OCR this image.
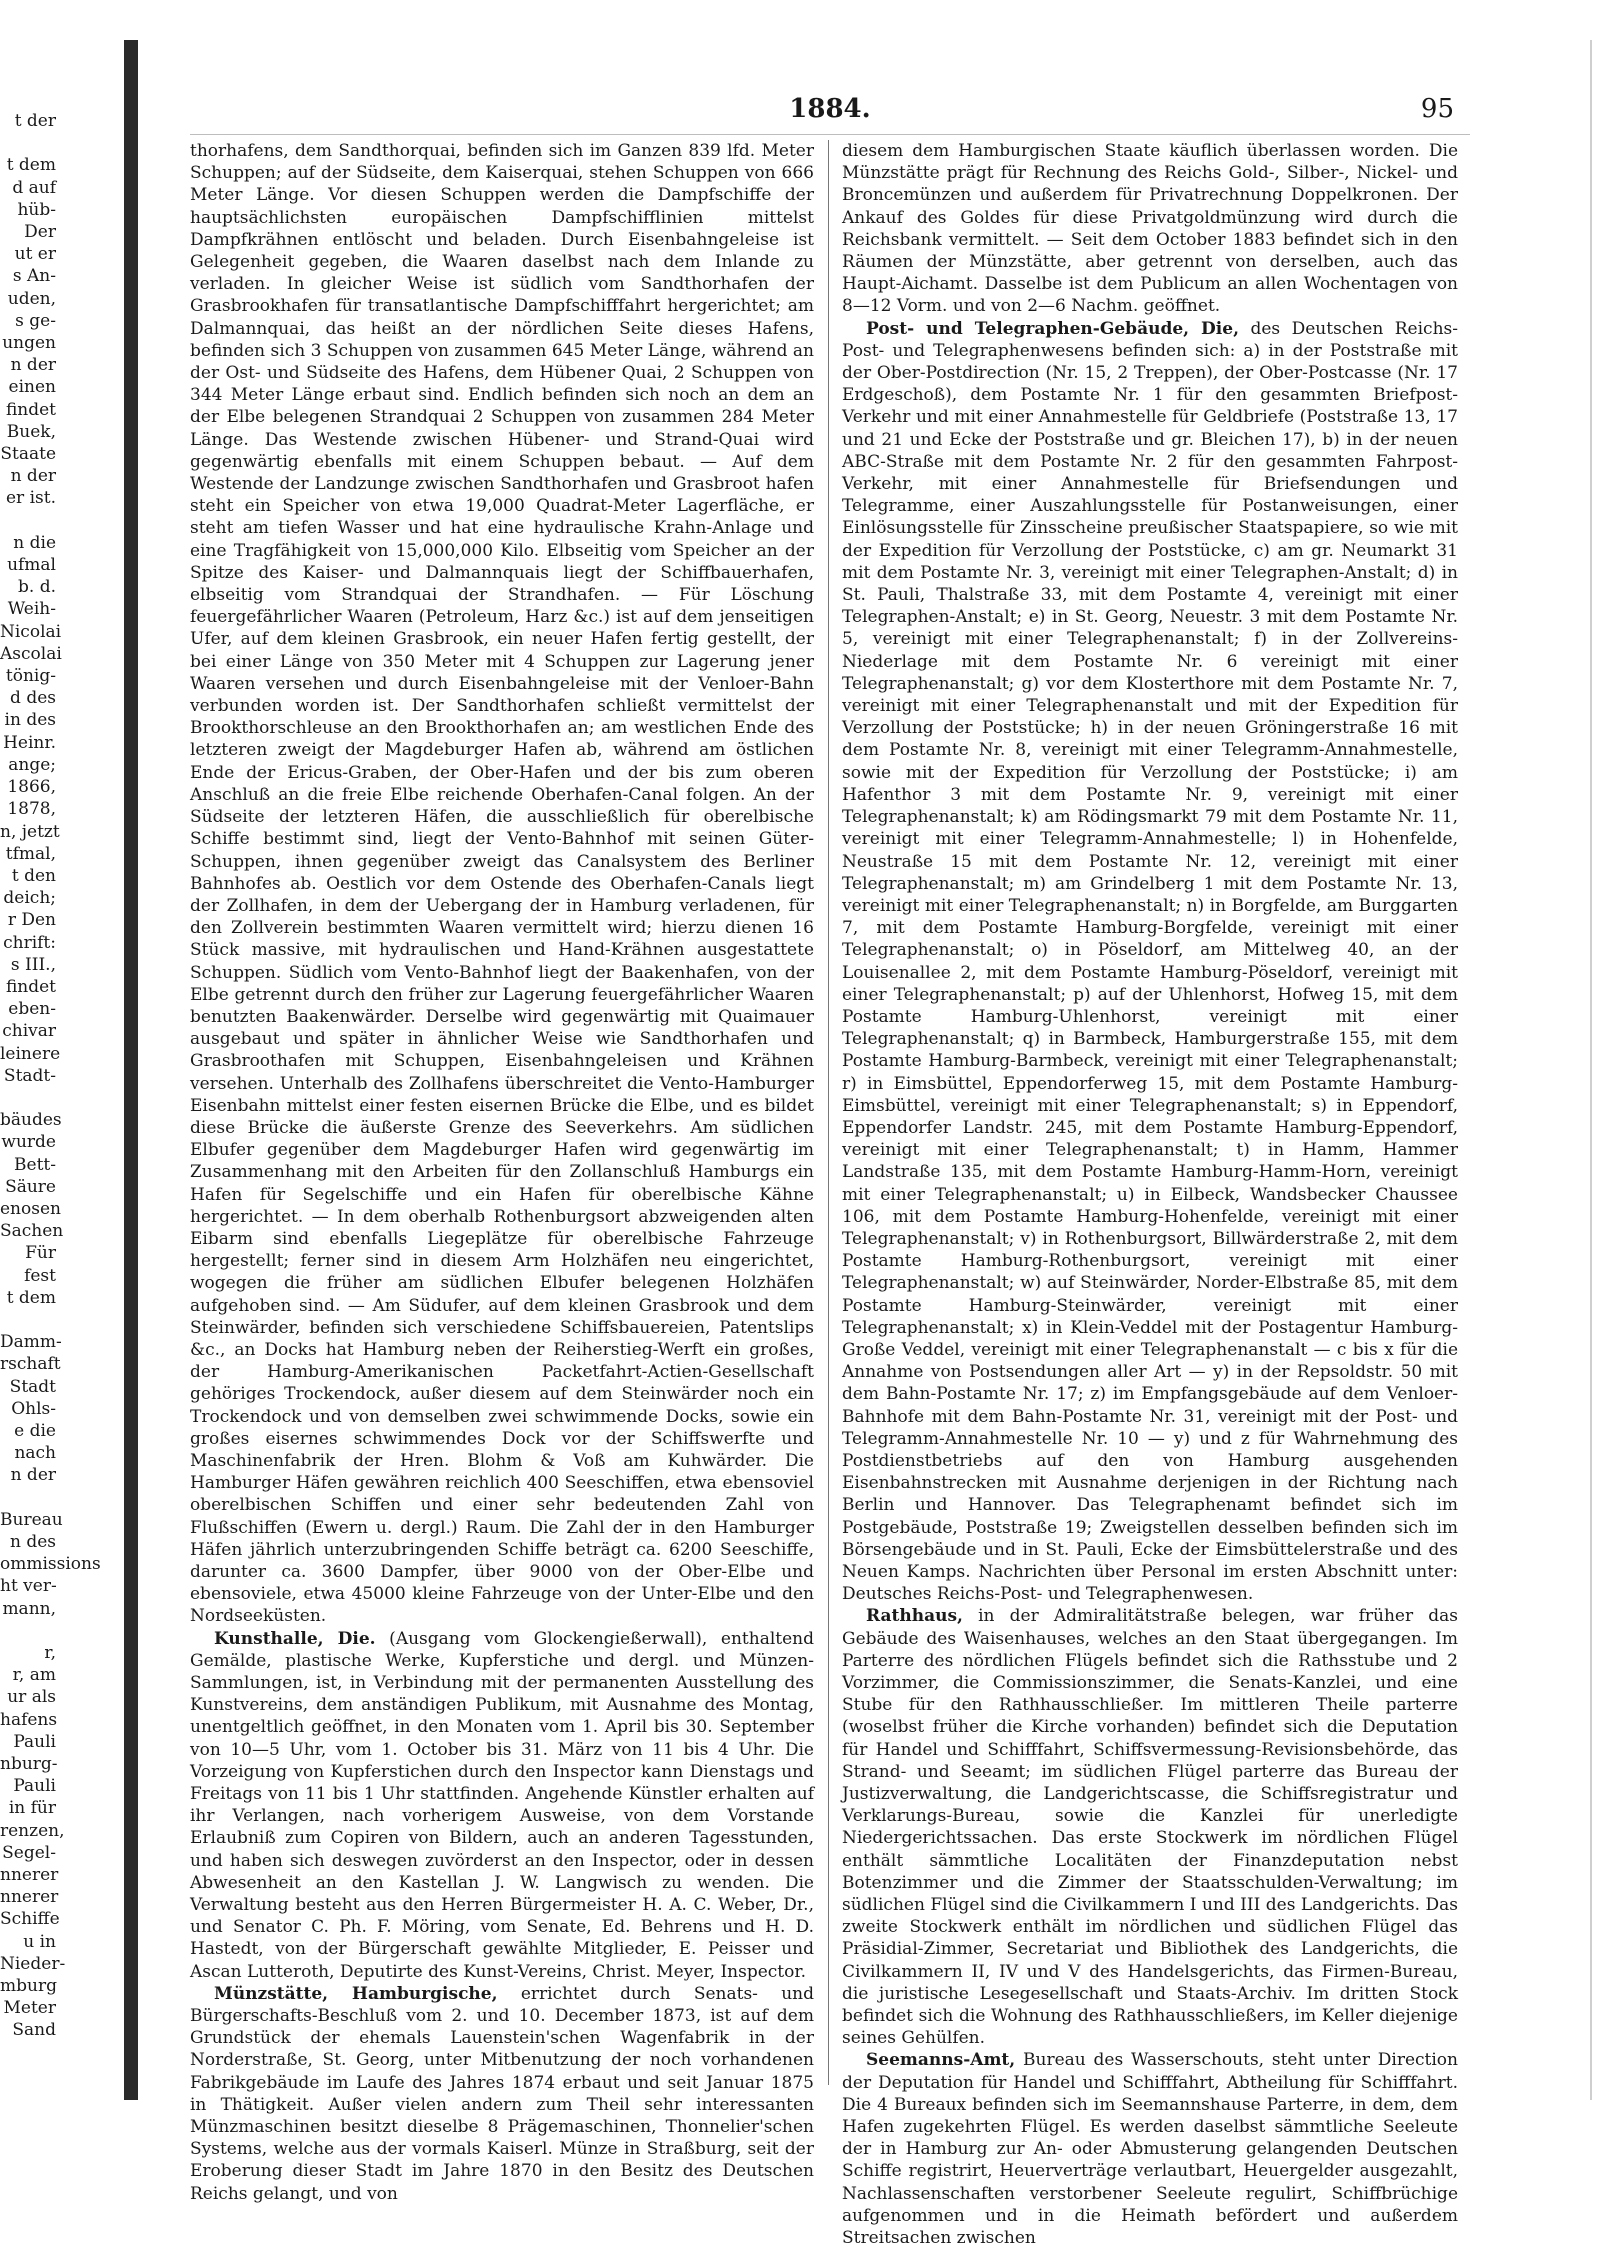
t der

t dem
d auf
hüb-
Der
ut er
s An-
uden,
s ge-
ungen
n der
einen
findet
Buek,
Staate
n der
er ist.

n die
ufmal
b. d.
Weih-
Nicolai
Ascolai
tönig-
d des
in des
Heinr.
ange;
1866,
1878,
n, jetzt
tfmal,
t den
deich;
r Den
chrift:
s III.,
findet
eben-
chivar
leinere
Stadt-

bäudes
wurde
Bett-
Säure
enosen
Sachen
Für
fest
t dem

Damm-
rschaft
Stadt
Ohls-
e die
nach
n der

Bureau
n des
ommissions
ht ver-
mann,

r,
r, am
ur als
hafens
Pauli
nburg-
Pauli
in für
renzen,
Segel-
nnerer
nnerer
Schiffe
u in
Nieder-
mburg
Meter
Sand
1884.	95

thorhafens, dem Sandthorquai, befinden sich im Ganzen 839 lfd. Meter Schuppen; auf der Südseite, dem Kaiserquai, stehen Schuppen von 666 Meter Länge. Vor diesen Schuppen werden die Dampfschiffe der hauptsächlichsten europäischen Dampfschifflinien mittelst Dampfkrähnen entlöscht und beladen. Durch Eisenbahngeleise ist Gelegenheit gegeben, die Waaren daselbst nach dem Inlande zu verladen. In gleicher Weise ist südlich vom Sandthorhafen der Grasbrookhafen für transatlantische Dampfschifffahrt hergerichtet; am Dalmannquai, das heißt an der nördlichen Seite dieses Hafens, befinden sich 3 Schuppen von zusammen 645 Meter Länge, während an der Ost- und Südseite des Hafens, dem Hübener Quai, 2 Schuppen von 344 Meter Länge erbaut sind. Endlich befinden sich noch an dem an der Elbe belegenen Strandquai 2 Schuppen von zusammen 284 Meter Länge. Das Westende zwischen Hübener- und Strand-Quai wird gegenwärtig ebenfalls mit einem Schuppen bebaut. — Auf dem Westende der Landzunge zwischen Sandthorhafen und Grasbroot hafen steht ein Speicher von etwa 19,000 Quadrat-Meter Lagerfläche, er steht am tiefen Wasser und hat eine hydraulische Krahn-Anlage und eine Tragfähigkeit von 15,000,000 Kilo. Elbseitig vom Speicher an der Spitze des Kaiser- und Dalmannquais liegt der Schiffbauerhafen, elbseitig vom Strandquai der Strandhafen. — Für Löschung feuergefährlicher Waaren (Petroleum, Harz &c.) ist auf dem jenseitigen Ufer, auf dem kleinen Grasbrook, ein neuer Hafen fertig gestellt, der bei einer Länge von 350 Meter mit 4 Schuppen zur Lagerung jener Waaren versehen und durch Eisenbahngeleise mit der Venloer-Bahn verbunden worden ist. Der Sandthorhafen schließt vermittelst der Brookthorschleuse an den Brookthorhafen an; am westlichen Ende des letzteren zweigt der Magdeburger Hafen ab, während am östlichen Ende der Ericus-Graben, der Ober-Hafen und der bis zum oberen Anschluß an die freie Elbe reichende Oberhafen-Canal folgen. An der Südseite der letzteren Häfen, die ausschließlich für oberelbische Schiffe bestimmt sind, liegt der Vento-Bahnhof mit seinen Güter-Schuppen, ihnen gegenüber zweigt das Canalsystem des Berliner Bahnhofes ab. Oestlich vor dem Ostende des Oberhafen-Canals liegt der Zollhafen, in dem der Uebergang der in Hamburg verladenen, für den Zollverein bestimmten Waaren vermittelt wird; hierzu dienen 16 Stück massive, mit hydraulischen und Hand-Krähnen ausgestattete Schuppen. Südlich vom Vento-Bahnhof liegt der Baakenhafen, von der Elbe getrennt durch den früher zur Lagerung feuergefährlicher Waaren benutzten Baakenwärder. Derselbe wird gegenwärtig mit Quaimauer ausgebaut und später in ähnlicher Weise wie Sandthorhafen und Grasbroothafen mit Schuppen, Eisenbahngeleisen und Krähnen versehen. Unterhalb des Zollhafens überschreitet die Vento-Hamburger Eisenbahn mittelst einer festen eisernen Brücke die Elbe, und es bildet diese Brücke die äußerste Grenze des Seeverkehrs. Am südlichen Elbufer gegenüber dem Magdeburger Hafen wird gegenwärtig im Zusammenhang mit den Arbeiten für den Zollanschluß Hamburgs ein Hafen für Segelschiffe und ein Hafen für oberelbische Kähne hergerichtet. — In dem oberhalb Rothenburgsort abzweigenden alten Eibarm sind ebenfalls Liegeplätze für oberelbische Fahrzeuge hergestellt; ferner sind in diesem Arm Holzhäfen neu eingerichtet, wogegen die früher am südlichen Elbufer belegenen Holzhäfen aufgehoben sind. — Am Südufer, auf dem kleinen Grasbrook und dem Steinwärder, befinden sich verschiedene Schiffsbauereien, Patentslips &c., an Docks hat Hamburg neben der Reiherstieg-Werft ein großes, der Hamburg-Amerikanischen Packetfahrt-Actien-Gesellschaft gehöriges Trockendock, außer diesem auf dem Steinwärder noch ein Trockendock und von demselben zwei schwimmende Docks, sowie ein großes eisernes schwimmendes Dock vor der Schiffswerfte und Maschinenfabrik der Hren. Blohm & Voß am Kuhwärder. Die Hamburger Häfen gewähren reichlich 400 Seeschiffen, etwa ebensoviel oberelbischen Schiffen und einer sehr bedeutenden Zahl von Flußschiffen (Ewern u. dergl.) Raum. Die Zahl der in den Hamburger Häfen jährlich unterzubringenden Schiffe beträgt ca. 6200 Seeschiffe, darunter ca. 3600 Dampfer, über 9000 von der Ober-Elbe und ebensoviele, etwa 45000 kleine Fahrzeuge von der Unter-Elbe und den Nordseeküsten.

Kunsthalle, Die. (Ausgang vom Glockengießerwall), enthaltend Gemälde, plastische Werke, Kupferstiche und dergl. und Münzen-Sammlungen, ist, in Verbindung mit der permanenten Ausstellung des Kunstvereins, dem anständigen Publikum, mit Ausnahme des Montag, unentgeltlich geöffnet, in den Monaten vom 1. April bis 30. September von 10—5 Uhr, vom 1. October bis 31. März von 11 bis 4 Uhr. Die Vorzeigung von Kupferstichen durch den Inspector kann Dienstags und Freitags von 11 bis 1 Uhr stattfinden. Angehende Künstler erhalten auf ihr Verlangen, nach vorherigem Ausweise, von dem Vorstande Erlaubniß zum Copiren von Bildern, auch an anderen Tagesstunden, und haben sich deswegen zuvörderst an den Inspector, oder in dessen Abwesenheit an den Kastellan J. W. Langwisch zu wenden. Die Verwaltung besteht aus den Herren Bürgermeister H. A. C. Weber, Dr., und Senator C. Ph. F. Möring, vom Senate, Ed. Behrens und H. D. Hastedt, von der Bürgerschaft gewählte Mitglieder, E. Peisser und Ascan Lutteroth, Deputirte des Kunst-Vereins, Christ. Meyer, Inspector.

Münzstätte, Hamburgische, errichtet durch Senats- und Bürgerschafts-Beschluß vom 2. und 10. December 1873, ist auf dem Grundstück der ehemals Lauenstein'schen Wagenfabrik in der Norderstraße, St. Georg, unter Mitbenutzung der noch vorhandenen Fabrikgebäude im Laufe des Jahres 1874 erbaut und seit Januar 1875 in Thätigkeit. Außer vielen andern zum Theil sehr interessanten Münzmaschinen besitzt dieselbe 8 Prägemaschinen, Thonnelier'schen Systems, welche aus der vormals Kaiserl. Münze in Straßburg, seit der Eroberung dieser Stadt im Jahre 1870 in den Besitz des Deutschen Reichs gelangt, und von

diesem dem Hamburgischen Staate käuflich überlassen worden. Die Münzstätte prägt für Rechnung des Reichs Gold-, Silber-, Nickel- und Broncemünzen und außerdem für Privatrechnung Doppelkronen. Der Ankauf des Goldes für diese Privatgoldmünzung wird durch die Reichsbank vermittelt. — Seit dem October 1883 befindet sich in den Räumen der Münzstätte, aber getrennt von derselben, auch das Haupt-Aichamt. Dasselbe ist dem Publicum an allen Wochentagen von 8—12 Vorm. und von 2—6 Nachm. geöffnet.

Post- und Telegraphen-Gebäude, Die, des Deutschen Reichs-Post- und Telegraphenwesens befinden sich: a) in der Poststraße mit der Ober-Postdirection (Nr. 15, 2 Treppen), der Ober-Postcasse (Nr. 17 Erdgeschoß), dem Postamte Nr. 1 für den gesammten Briefpost-Verkehr und mit einer Annahmestelle für Geldbriefe (Poststraße 13, 17 und 21 und Ecke der Poststraße und gr. Bleichen 17), b) in der neuen ABC-Straße mit dem Postamte Nr. 2 für den gesammten Fahrpost-Verkehr, mit einer Annahmestelle für Briefsendungen und Telegramme, einer Auszahlungsstelle für Postanweisungen, einer Einlösungsstelle für Zinsscheine preußischer Staatspapiere, so wie mit der Expedition für Verzollung der Poststücke, c) am gr. Neumarkt 31 mit dem Postamte Nr. 3, vereinigt mit einer Telegraphen-Anstalt; d) in St. Pauli, Thalstraße 33, mit dem Postamte 4, vereinigt mit einer Telegraphen-Anstalt; e) in St. Georg, Neuestr. 3 mit dem Postamte Nr. 5, vereinigt mit einer Telegraphenanstalt; f) in der Zollvereins-Niederlage mit dem Postamte Nr. 6 vereinigt mit einer Telegraphenanstalt; g) vor dem Klosterthore mit dem Postamte Nr. 7, vereinigt mit einer Telegraphenanstalt und mit der Expedition für Verzollung der Poststücke; h) in der neuen Gröningerstraße 16 mit dem Postamte Nr. 8, vereinigt mit einer Telegramm-Annahmestelle, sowie mit der Expedition für Verzollung der Poststücke; i) am Hafenthor 3 mit dem Postamte Nr. 9, vereinigt mit einer Telegraphenanstalt; k) am Rödingsmarkt 79 mit dem Postamte Nr. 11, vereinigt mit einer Telegramm-Annahmestelle; l) in Hohenfelde, Neustraße 15 mit dem Postamte Nr. 12, vereinigt mit einer Telegraphenanstalt; m) am Grindelberg 1 mit dem Postamte Nr. 13, vereinigt mit einer Telegraphenanstalt; n) in Borgfelde, am Burggarten 7, mit dem Postamte Hamburg-Borgfelde, vereinigt mit einer Telegraphenanstalt; o) in Pöseldorf, am Mittelweg 40, an der Louisenallee 2, mit dem Postamte Hamburg-Pöseldorf, vereinigt mit einer Telegraphenanstalt; p) auf der Uhlenhorst, Hofweg 15, mit dem Postamte Hamburg-Uhlenhorst, vereinigt mit einer Telegraphenanstalt; q) in Barmbeck, Hamburgerstraße 155, mit dem Postamte Hamburg-Barmbeck, vereinigt mit einer Telegraphenanstalt; r) in Eimsbüttel, Eppendorferweg 15, mit dem Postamte Hamburg-Eimsbüttel, vereinigt mit einer Telegraphenanstalt; s) in Eppendorf, Eppendorfer Landstr. 245, mit dem Postamte Hamburg-Eppendorf, vereinigt mit einer Telegraphenanstalt; t) in Hamm, Hammer Landstraße 135, mit dem Postamte Hamburg-Hamm-Horn, vereinigt mit einer Telegraphenanstalt; u) in Eilbeck, Wandsbecker Chaussee 106, mit dem Postamte Hamburg-Hohenfelde, vereinigt mit einer Telegraphenanstalt; v) in Rothenburgsort, Billwärderstraße 2, mit dem Postamte Hamburg-Rothenburgsort, vereinigt mit einer Telegraphenanstalt; w) auf Steinwärder, Norder-Elbstraße 85, mit dem Postamte Hamburg-Steinwärder, vereinigt mit einer Telegraphenanstalt; x) in Klein-Veddel mit der Postagentur Hamburg-Große Veddel, vereinigt mit einer Telegraphenanstalt — c bis x für die Annahme von Postsendungen aller Art — y) in der Repsoldstr. 50 mit dem Bahn-Postamte Nr. 17; z) im Empfangsgebäude auf dem Venloer-Bahnhofe mit dem Bahn-Postamte Nr. 31, vereinigt mit der Post- und Telegramm-Annahmestelle Nr. 10 — y) und z für Wahrnehmung des Postdienstbetriebs auf den von Hamburg ausgehenden Eisenbahnstrecken mit Ausnahme derjenigen in der Richtung nach Berlin und Hannover. Das Telegraphenamt befindet sich im Postgebäude, Poststraße 19; Zweigstellen desselben befinden sich im Börsengebäude und in St. Pauli, Ecke der Eimsbüttelerstraße und des Neuen Kamps. Nachrichten über Personal im ersten Abschnitt unter: Deutsches Reichs-Post- und Telegraphenwesen.

Rathhaus, in der Admiralitätstraße belegen, war früher das Gebäude des Waisenhauses, welches an den Staat übergegangen. Im Parterre des nördlichen Flügels befindet sich die Rathsstube und 2 Vorzimmer, die Commissionszimmer, die Senats-Kanzlei, und eine Stube für den Rathhausschließer. Im mittleren Theile parterre (woselbst früher die Kirche vorhanden) befindet sich die Deputation für Handel und Schifffahrt, Schiffsvermessung-Revisionsbehörde, das Strand- und Seeamt; im südlichen Flügel parterre das Bureau der Justizverwaltung, die Landgerichtscasse, die Schiffsregistratur und Verklarungs-Bureau, sowie die Kanzlei für unerledigte Niedergerichtssachen. Das erste Stockwerk im nördlichen Flügel enthält sämmtliche Localitäten der Finanzdeputation nebst Botenzimmer und die Zimmer der Staatsschulden-Verwaltung; im südlichen Flügel sind die Civilkammern I und III des Landgerichts. Das zweite Stockwerk enthält im nördlichen und südlichen Flügel das Präsidial-Zimmer, Secretariat und Bibliothek des Landgerichts, die Civilkammern II, IV und V des Handelsgerichts, das Firmen-Bureau, die juristische Lesegesellschaft und Staats-Archiv. Im dritten Stock befindet sich die Wohnung des Rathhausschließers, im Keller diejenige seines Gehülfen.

Seemanns-Amt, Bureau des Wasserschouts, steht unter Direction der Deputation für Handel und Schifffahrt, Abtheilung für Schifffahrt. Die 4 Bureaux befinden sich im Seemannshause Parterre, in dem, dem Hafen zugekehrten Flügel. Es werden daselbst sämmtliche Seeleute der in Hamburg zur An- oder Abmusterung gelangenden Deutschen Schiffe registrirt, Heuerverträge verlautbart, Heuergelder ausgezahlt, Nachlassenschaften verstorbener Seeleute regulirt, Schiffbrüchige aufgenommen und in die Heimath befördert und außerdem Streitsachen zwischen
